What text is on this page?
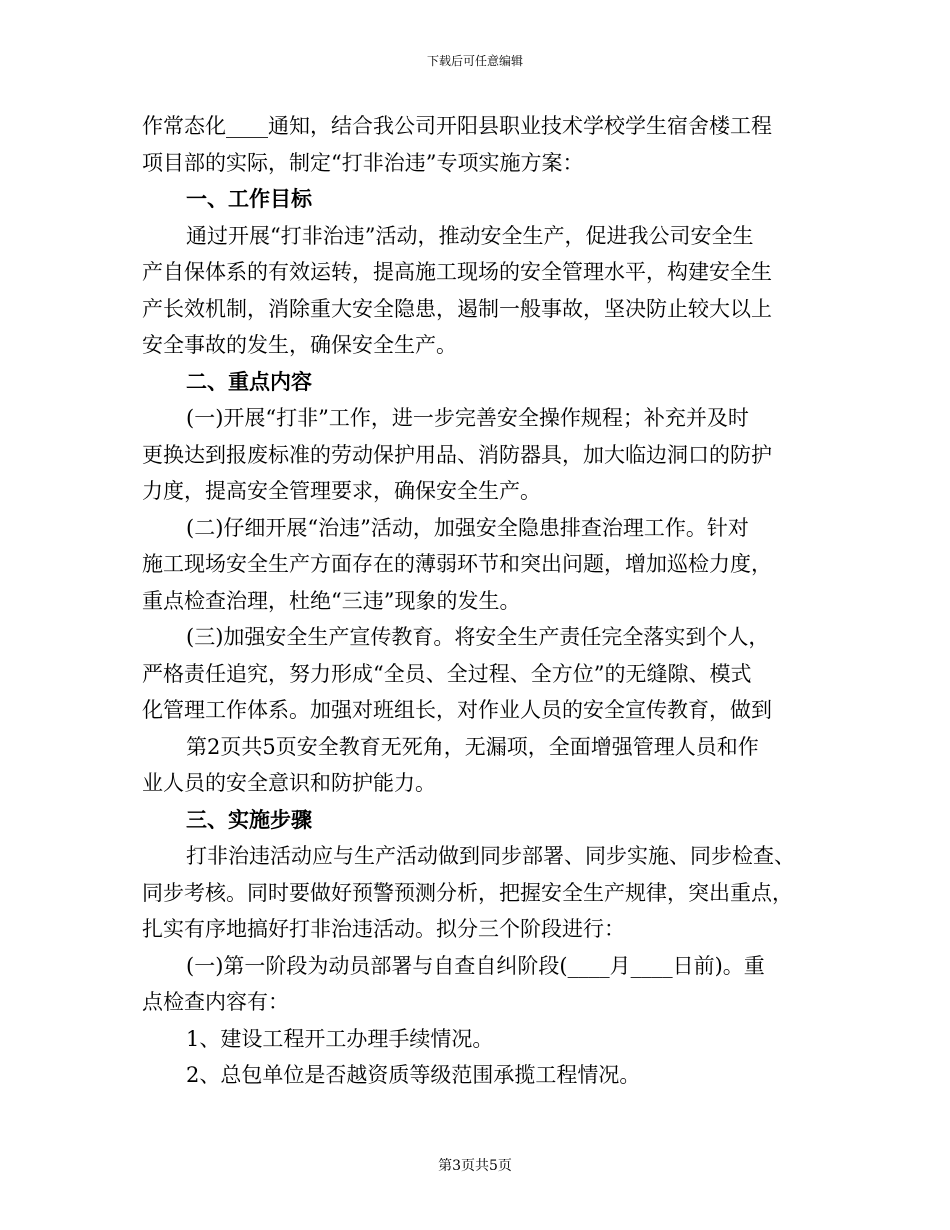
下载后可任意编辑
作常态化____通知，结合我公司开阳县职业技术学校学生宿舍楼工程
项目部的实际，制定“打非治违”专项实施方案：
一、工作目标
通过开展“打非治违”活动，推动安全生产，促进我公司安全生
产自保体系的有效运转，提高施工现场的安全管理水平，构建安全生
产长效机制，消除重大安全隐患，遏制一般事故，坚决防止较大以上
安全事故的发生，确保安全生产。
二、重点内容
(一)开展“打非”工作，进一步完善安全操作规程；补充并及时
更换达到报废标准的劳动保护用品、消防器具，加大临边洞口的防护
力度，提高安全管理要求，确保安全生产。
(二)仔细开展“治违”活动，加强安全隐患排查治理工作。针对
施工现场安全生产方面存在的薄弱环节和突出问题，增加巡检力度，
重点检查治理，杜绝“三违”现象的发生。
(三)加强安全生产宣传教育。将安全生产责任完全落实到个人，
严格责任追究，努力形成“全员、全过程、全方位”的无缝隙、模式
化管理工作体系。加强对班组长，对作业人员的安全宣传教育，做到
第2页共5页安全教育无死角，无漏项，全面增强管理人员和作
业人员的安全意识和防护能力。
三、实施步骤
打非治违活动应与生产活动做到同步部署、同步实施、同步检查、
同步考核。同时要做好预警预测分析，把握安全生产规律，突出重点，
扎实有序地搞好打非治违活动。拟分三个阶段进行：
(一)第一阶段为动员部署与自查自纠阶段(____月____日前)。重
点检查内容有：
1、建设工程开工办理手续情况。
2、总包单位是否越资质等级范围承揽工程情况。
第3页共5页
